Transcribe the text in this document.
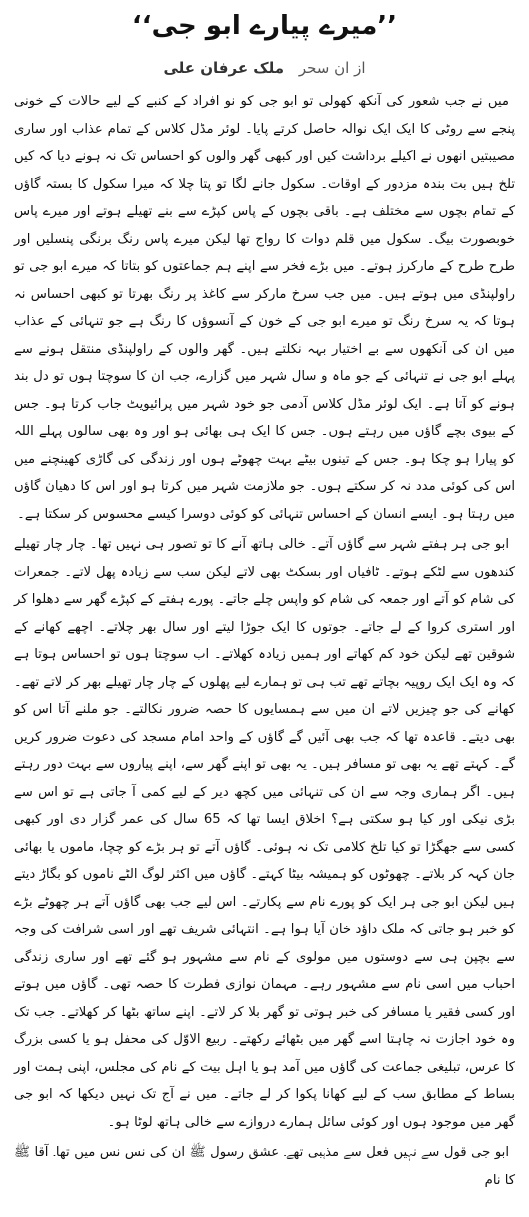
’’میرے پیارے ابو جی‘‘
از ان سحر ملک عرفان علی

میں نے جب شعور کی آنکھ کھولی تو ابو جی کو نو افراد کے کنبے کے لیے حالات کے خونی پنجے سے روٹی کا ایک ایک نوالہ حاصل کرتے پایا۔ لوئر مڈل کلاس کے تمام عذاب اور ساری مصیبتیں انھوں نے اکیلے برداشت کیں اور کبھی گھر والوں کو احساس تک نہ ہونے دیا کہ کیں تلخ ہیں بت بندہ مزدور کے اوقات۔ سکول جانے لگا تو پتا چلا کہ میرا سکول کا بستہ گاؤں کے تمام بچوں سے مختلف ہے۔ باقی بچوں کے پاس کپڑے سے بنے تھیلے ہوتے اور میرے پاس خوبصورت بیگ۔ سکول میں قلم دوات کا رواج تھا لیکن میرے پاس رنگ برنگی پنسلیں اور طرح طرح کے مارکرز ہوتے۔ میں بڑے فخر سے اپنے ہم جماعتوں کو بتاتا کہ میرے ابو جی تو راولپنڈی میں ہوتے ہیں۔ میں جب سرخ مارکر سے کاغذ پر رنگ بھرتا تو کبھی احساس نہ ہوتا کہ یہ سرخ رنگ تو میرے ابو جی کے خون کے آنسوؤں کا رنگ ہے جو تنہائی کے عذاب میں ان کی آنکھوں سے بے اختیار بہہ نکلتے ہیں۔ گھر والوں کے راولپنڈی منتقل ہونے سے پہلے ابو جی نے تنہائی کے جو ماہ و سال شہر میں گزارے، جب ان کا سوچتا ہوں تو دل بند ہونے کو آتا ہے۔ ایک لوئر مڈل کلاس آدمی جو خود شہر میں پرائیویٹ جاب کرتا ہو۔ جس کے بیوی بچے گاؤں میں رہتے ہوں۔ جس کا ایک ہی بھائی ہو اور وہ بھی سالوں پہلے اللہ کو پیارا ہو چکا ہو۔ جس کے تینوں بیٹے بہت چھوٹے ہوں اور زندگی کی گاڑی کھینچنے میں اس کی کوئی مدد نہ کر سکتے ہوں۔ جو ملازمت شہر میں کرتا ہو اور اس کا دھیان گاؤں میں رہتا ہو۔ ایسے انسان کے احساس تنہائی کو کوئی دوسرا کیسے محسوس کر سکتا ہے۔

ابو جی ہر ہفتے شہر سے گاؤں آتے۔ خالی ہاتھ آنے کا تو تصور ہی نہیں تھا۔ چار چار تھیلے کندھوں سے لٹکے ہوتے۔ ٹافیاں اور بسکٹ بھی لاتے لیکن سب سے زیادہ پھل لاتے۔ جمعرات کی شام کو آتے اور جمعہ کی شام کو واپس چلے جاتے۔ پورے ہفتے کے کپڑے گھر سے دھلوا کر اور استری کروا کے لے جاتے۔ جوتوں کا ایک جوڑا لیتے اور سال بھر چلاتے۔ اچھے کھانے کے شوقین تھے لیکن خود کم کھاتے اور ہمیں زیادہ کھلاتے۔ اب سوچتا ہوں تو احساس ہوتا ہے کہ وہ ایک ایک روپیہ بچاتے تھے تب ہی تو ہمارے لیے پھلوں کے چار چار تھیلے بھر کر لاتے تھے۔ کھانے کی جو چیزیں لاتے ان میں سے ہمسایوں کا حصہ ضرور نکالتے۔ جو ملنے آتا اس کو بھی دیتے۔ قاعدہ تھا کہ جب بھی آئیں گے گاؤں کے واحد امام مسجد کی دعوت ضرور کریں گے۔ کہتے تھے یہ بھی تو مسافر ہیں۔ یہ بھی تو اپنے گھر سے، اپنے پیاروں سے بہت دور رہتے ہیں۔ اگر ہماری وجہ سے ان کی تنہائی میں کچھ دیر کے لیے کمی آ جاتی ہے تو اس سے بڑی نیکی اور کیا ہو سکتی ہے؟ اخلاق ایسا تھا کہ 65 سال کی عمر گزار دی اور کبھی کسی سے جھگڑا تو کیا تلخ کلامی تک نہ ہوئی۔ گاؤں آتے تو ہر بڑے کو چچا، ماموں یا بھائی جان کہہ کر بلاتے۔ چھوٹوں کو ہمیشہ بیٹا کہتے۔ گاؤں میں اکثر لوگ الٹے ناموں کو بگاڑ دیتے ہیں لیکن ابو جی ہر ایک کو پورے نام سے پکارتے۔ اس لیے جب بھی گاؤں آتے ہر چھوٹے بڑے کو خبر ہو جاتی کہ ملک داؤد خان آیا ہوا ہے۔ انتہائی شریف تھے اور اسی شرافت کی وجہ سے بچپن ہی سے دوستوں میں مولوی کے نام سے مشہور ہو گئے تھے اور ساری زندگی احباب میں اسی نام سے مشہور رہے۔ مہمان نوازی فطرت کا حصہ تھی۔ گاؤں میں ہوتے اور کسی فقیر یا مسافر کی خبر ہوتی تو گھر بلا کر لاتے۔ اپنے ساتھ بٹھا کر کھلاتے۔ جب تک وہ خود اجازت نہ چاہتا اسے گھر میں بٹھائے رکھتے۔ ربیع الاوّل کی محفل ہو یا کسی بزرگ کا عرس، تبلیغی جماعت کی گاؤں میں آمد ہو یا اہل بیت کے نام کی مجلس، اپنی ہمت اور بساط کے مطابق سب کے لیے کھانا پکوا کر لے جاتے۔ میں نے آج تک نہیں دیکھا کہ ابو جی گھر میں موجود ہوں اور کوئی سائل ہمارے دروازے سے خالی ہاتھ لوٹا ہو۔

ابو جی قول سے نہیں فعل سے مذہبی تھے۔ عشق رسول ﷺ ان کی نس نس میں تھا۔ آقا ﷺ کا نام
